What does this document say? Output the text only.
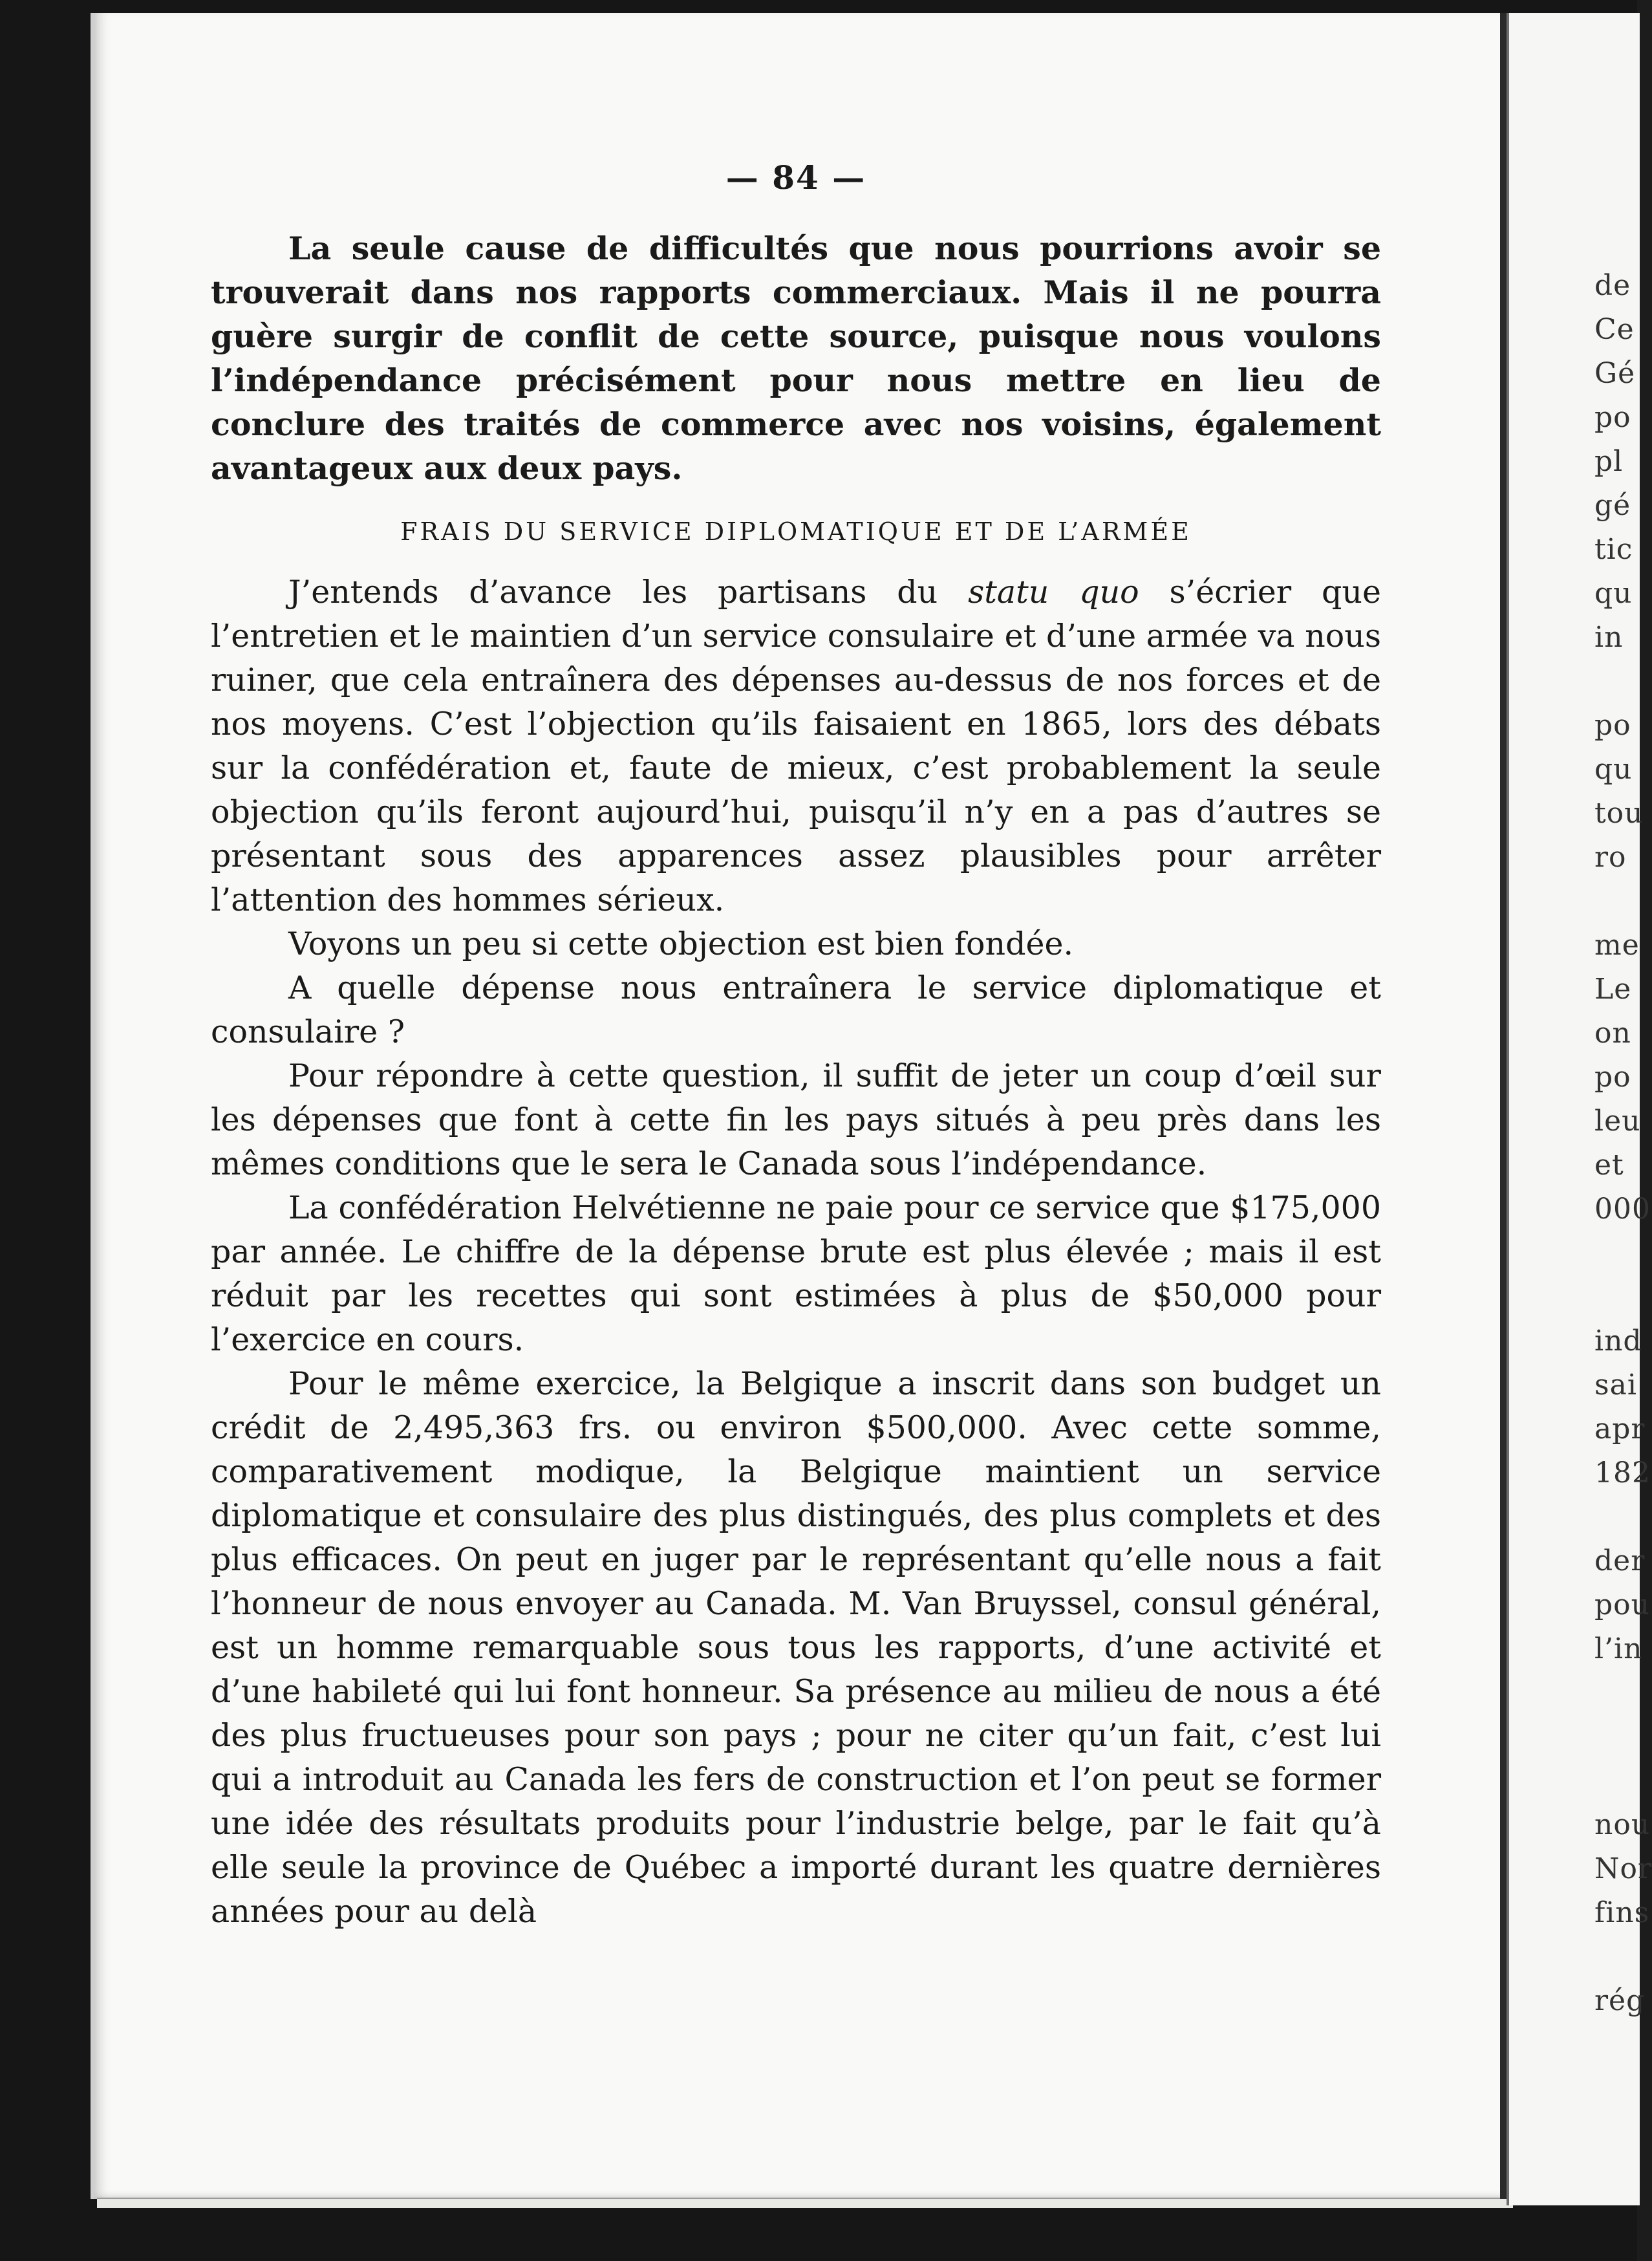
de
Ce
Gé
po
pl
gé
tic
qu
in
po
qu
tou
ro
me
Le
on
po
leu
et
000
ind
sai
apr
182
der
pou
l’in
nou
Nor
fins
rég
— 84 —

La seule cause de difficultés que nous pourrions avoir se trouverait dans nos rapports commerciaux. Mais il ne pourra guère surgir de conflit de cette source, puisque nous voulons l’indépendance précisément pour nous mettre en lieu de conclure des traités de commerce avec nos voisins, également avantageux aux deux pays.

FRAIS DU SERVICE DIPLOMATIQUE ET DE L’ARMÉE

J’entends d’avance les partisans du statu quo s’écrier que l’entretien et le maintien d’un service consulaire et d’une armée va nous ruiner, que cela entraînera des dépenses au-dessus de nos forces et de nos moyens. C’est l’objection qu’ils faisaient en 1865, lors des débats sur la confédération et, faute de mieux, c’est probablement la seule objection qu’ils feront aujourd’hui, puisqu’il n’y en a pas d’autres se présentant sous des apparences assez plausibles pour arrêter l’attention des hommes sérieux.

Voyons un peu si cette objection est bien fondée.

A quelle dépense nous entraînera le service diplomatique et consulaire ?

Pour répondre à cette question, il suffit de jeter un coup d’œil sur les dépenses que font à cette fin les pays situés à peu près dans les mêmes conditions que le sera le Canada sous l’indépendance.

La confédération Helvétienne ne paie pour ce service que $175,000 par année. Le chiffre de la dépense brute est plus élevée ; mais il est réduit par les recettes qui sont estimées à plus de $50,000 pour l’exercice en cours.

Pour le même exercice, la Belgique a inscrit dans son budget un crédit de 2,495,363 frs. ou environ $500,000. Avec cette somme, comparativement modique, la Belgique maintient un service diplomatique et consulaire des plus distingués, des plus complets et des plus efficaces. On peut en juger par le représentant qu’elle nous a fait l’honneur de nous envoyer au Canada. M. Van Bruyssel, consul général, est un homme remarquable sous tous les rapports, d’une activité et d’une habileté qui lui font honneur. Sa présence au milieu de nous a été des plus fructueuses pour son pays ; pour ne citer qu’un fait, c’est lui qui a introduit au Canada les fers de construction et l’on peut se former une idée des résultats produits pour l’industrie belge, par le fait qu’à elle seule la province de Québec a importé durant les quatre dernières années pour au delà
